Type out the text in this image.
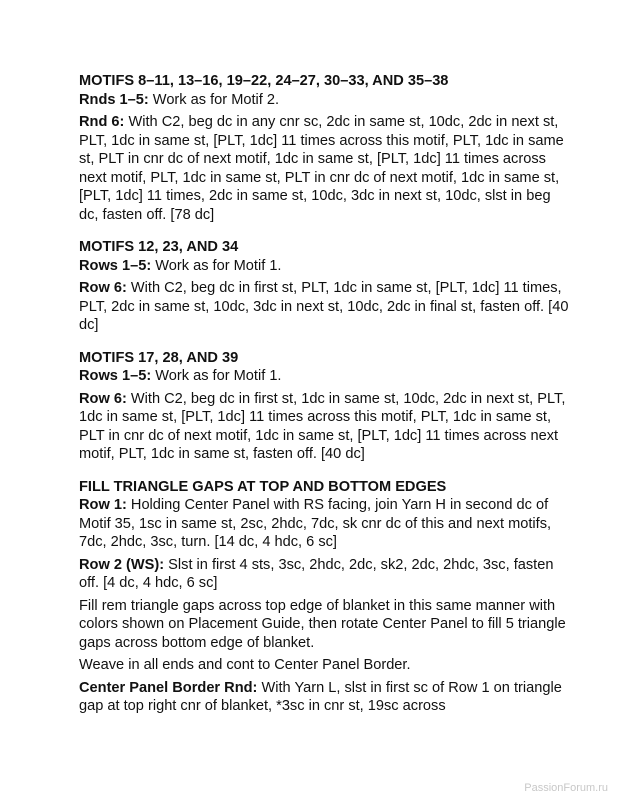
MOTIFS 8–11, 13–16, 19–22, 24–27, 30–33, AND 35–38

Rnds 1–5: Work as for Motif 2.

Rnd 6: With C2, beg dc in any cnr sc, 2dc in same st, 10dc, 2dc in next st, PLT, 1dc in same st, [PLT, 1dc] 11 times across this motif, PLT, 1dc in same st, PLT in cnr dc of next motif, 1dc in same st, [PLT, 1dc] 11 times across next motif, PLT, 1dc in same st, PLT in cnr dc of next motif, 1dc in same st, [PLT, 1dc] 11 times, 2dc in same st, 10dc, 3dc in next st, 10dc, slst in beg dc, fasten off. [78 dc]

MOTIFS 12, 23, AND 34

Rows 1–5: Work as for Motif 1.

Row 6: With C2, beg dc in first st, PLT, 1dc in same st, [PLT, 1dc] 11 times, PLT, 2dc in same st, 10dc, 3dc in next st, 10dc, 2dc in final st, fasten off. [40 dc]

MOTIFS 17, 28, AND 39

Rows 1–5: Work as for Motif 1.

Row 6: With C2, beg dc in first st, 1dc in same st, 10dc, 2dc in next st, PLT, 1dc in same st, [PLT, 1dc] 11 times across this motif, PLT, 1dc in same st, PLT in cnr dc of next motif, 1dc in same st, [PLT, 1dc] 11 times across next motif, PLT, 1dc in same st, fasten off. [40 dc]

FILL TRIANGLE GAPS AT TOP AND BOTTOM EDGES

Row 1: Holding Center Panel with RS facing, join Yarn H in second dc of Motif 35, 1sc in same st, 2sc, 2hdc, 7dc, sk cnr dc of this and next motifs, 7dc, 2hdc, 3sc, turn. [14 dc, 4 hdc, 6 sc]

Row 2 (WS): Slst in first 4 sts, 3sc, 2hdc, 2dc, sk2, 2dc, 2hdc, 3sc, fasten off. [4 dc, 4 hdc, 6 sc]

Fill rem triangle gaps across top edge of blanket in this same manner with colors shown on Placement Guide, then rotate Center Panel to fill 5 triangle gaps across bottom edge of blanket.

Weave in all ends and cont to Center Panel Border.

Center Panel Border Rnd: With Yarn L, slst in first sc of Row 1 on triangle gap at top right cnr of blanket, *3sc in cnr st, 19sc across

PassionForum.ru
